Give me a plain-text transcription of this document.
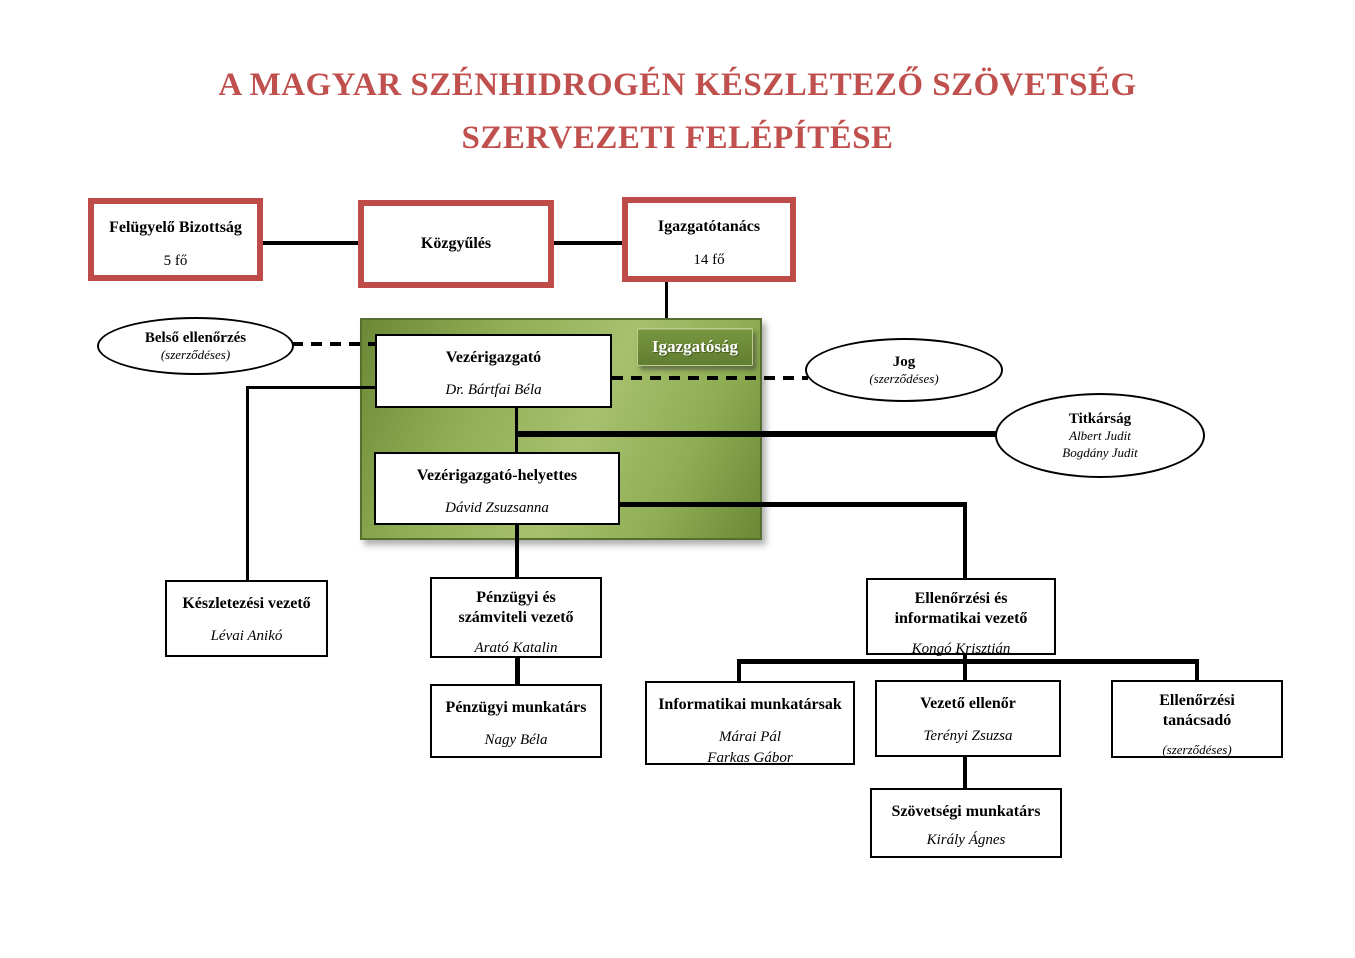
A MAGYAR SZÉNHIDROGÉN KÉSZLETEZŐ SZÖVETSÉG
SZERVEZETI FELÉPÍTÉSE
Igazgatóság
Felügyelő Bizottság
5 fő
Közgyűlés
Igazgatótanács
14 fő
Vezérigazgató
Dr. Bártfai Béla
Vezérigazgató-helyettes
Dávid Zsuzsanna
Belső ellenőrzés
(szerződéses)	Jog
(szerződéses)
Titkárság
Albert Judit
Bogdány Judit
Készletezési vezető
Lévai Anikó
Pénzügyi és
számviteli vezető
Arató Katalin
Pénzügyi munkatárs
Nagy Béla
Ellenőrzési és
informatikai vezető
Kongó Krisztián
Informatikai munkatársak
Márai Pál
Farkas Gábor
Vezető ellenőr
Terényi Zsuzsa
Ellenőrzési
tanácsadó
(szerződéses)
Szövetségi munkatárs
Király Ágnes
